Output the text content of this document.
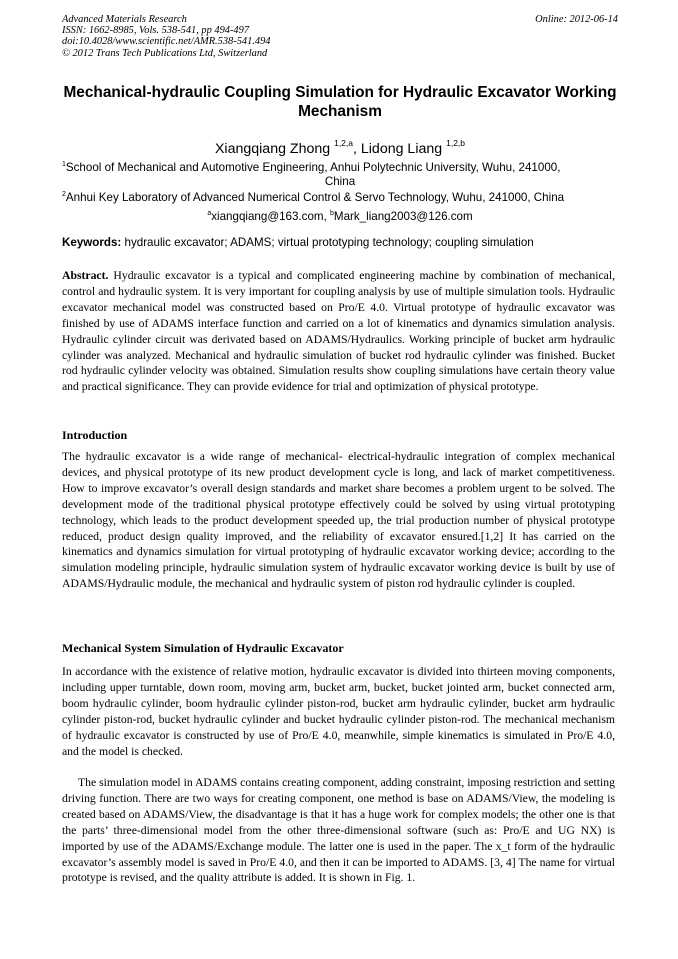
Advanced Materials Research
ISSN: 1662-8985, Vols. 538-541, pp 494-497
doi:10.4028/www.scientific.net/AMR.538-541.494
© 2012 Trans Tech Publications Ltd, Switzerland
Online: 2012-06-14
Mechanical-hydraulic Coupling Simulation for Hydraulic Excavator Working Mechanism
Xiangqiang Zhong $^{1,2,a}$, Lidong Liang $^{1,2,b}$
$^1$School of Mechanical and Automotive Engineering, Anhui Polytechnic University, Wuhu, 241000,
China
$^2$Anhui Key Laboratory of Advanced Numerical Control & Servo Technology, Wuhu, 241000, China
$^a$xiangqiang@163.com, $^b$Mark_liang2003@126.com
Keywords: hydraulic excavator; ADAMS; virtual prototyping technology; coupling simulation
Abstract. Hydraulic excavator is a typical and complicated engineering machine by combination of mechanical, control and hydraulic system. It is very important for coupling analysis by use of multiple simulation tools. Hydraulic excavator mechanical model was constructed based on Pro/E 4.0. Virtual prototype of hydraulic excavator was finished by use of ADAMS interface function and carried on a lot of kinematics and dynamics simulation analysis. Hydraulic cylinder circuit was derivated based on ADAMS/Hydraulics. Working principle of bucket arm hydraulic cylinder was analyzed. Mechanical and hydraulic simulation of bucket rod hydraulic cylinder was finished. Bucket rod hydraulic cylinder velocity was obtained. Simulation results show coupling simulations have certain theory value and practical significance. They can provide evidence for trial and optimization of physical prototype.
Introduction
The hydraulic excavator is a wide range of mechanical- electrical-hydraulic integration of complex mechanical devices, and physical prototype of its new product development cycle is long, and lack of market competitiveness. How to improve excavator’s overall design standards and market share becomes a problem urgent to be solved. The development mode of the traditional physical prototype effectively could be solved by using virtual prototyping technology, which leads to the product development speeded up, the trial production number of physical prototype reduced, product design quality improved, and the reliability of excavator ensured.[1,2] It has carried on the kinematics and dynamics simulation for virtual prototyping of hydraulic excavator working device; according to the simulation modeling principle, hydraulic simulation system of hydraulic excavator working device is built by use of ADAMS/Hydraulic module, the mechanical and hydraulic system of piston rod hydraulic cylinder is coupled.
Mechanical System Simulation of Hydraulic Excavator
In accordance with the existence of relative motion, hydraulic excavator is divided into thirteen moving components, including upper turntable, down room, moving arm, bucket arm, bucket, bucket jointed arm, bucket connected arm, boom hydraulic cylinder, boom hydraulic cylinder piston-rod, bucket arm hydraulic cylinder, bucket arm hydraulic cylinder piston-rod, bucket hydraulic cylinder and bucket hydraulic cylinder piston-rod. The mechanical mechanism of hydraulic excavator is constructed by use of Pro/E 4.0, meanwhile, simple kinematics is simulated in Pro/E 4.0, and the model is checked.
The simulation model in ADAMS contains creating component, adding constraint, imposing restriction and setting driving function. There are two ways for creating component, one method is base on ADAMS/View, the modeling is created based on ADAMS/View, the disadvantage is that it has a huge work for complex models; the other one is that the parts’ three-dimensional model from the other three-dimensional software (such as: Pro/E and UG NX) is imported by use of the ADAMS/Exchange module. The latter one is used in the paper. The x_t form of the hydraulic excavator’s assembly model is saved in Pro/E 4.0, and then it can be imported to ADAMS. [3, 4] The name for virtual prototype is revised, and the quality attribute is added. It is shown in Fig. 1.
